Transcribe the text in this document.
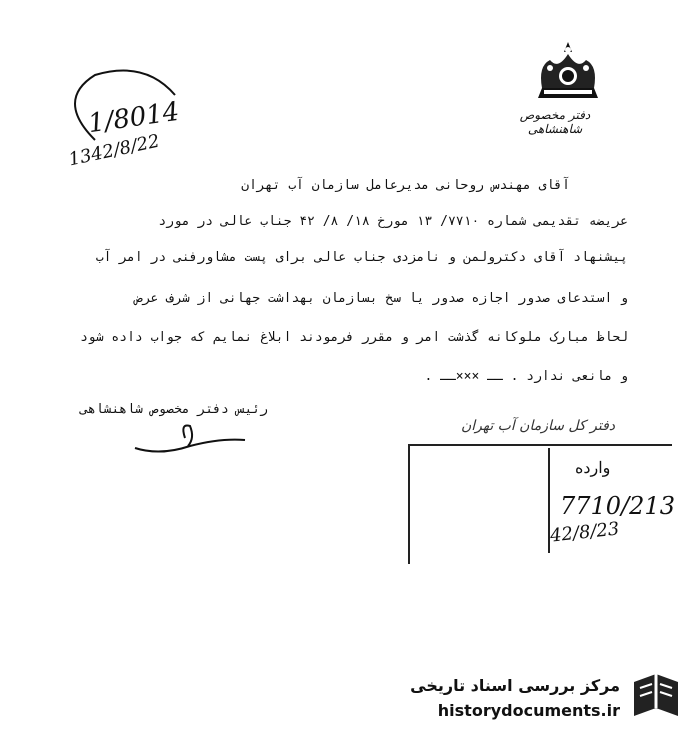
دفتر مخصوص شاهنشاهی
1/8014
1342/8/22
آقای مهندس روحانی مدیرعامل سازمان آب تهران
عریضه تقدیمی شماره ۷۷۱۰/ ۱۳ مورخ ۱۸/ ۸/ ۴۲ جناب عالی در مورد
پیشنهاد آقای دکترولمن و نامزدی جناب عالی برای پست مشاورفنی در امر آب
و استدعای صدور اجازه صدور یا سخ بسازمان بهداشت جهانی از شرف عرض
لحاظ مبارک ملوکانه گذشت امر و مقرر فرمودند ابلاغ نمایم که جواب داده شود
و مانعی ندارد . ــ ×××ــ .
رئیس دفتر مخصوص شاهنشاهی
دفتر کل سازمان آب تهران
وارده
7710/213
42/8/23
مرکز بررسی اسناد تاریخی
historydocuments.ir
